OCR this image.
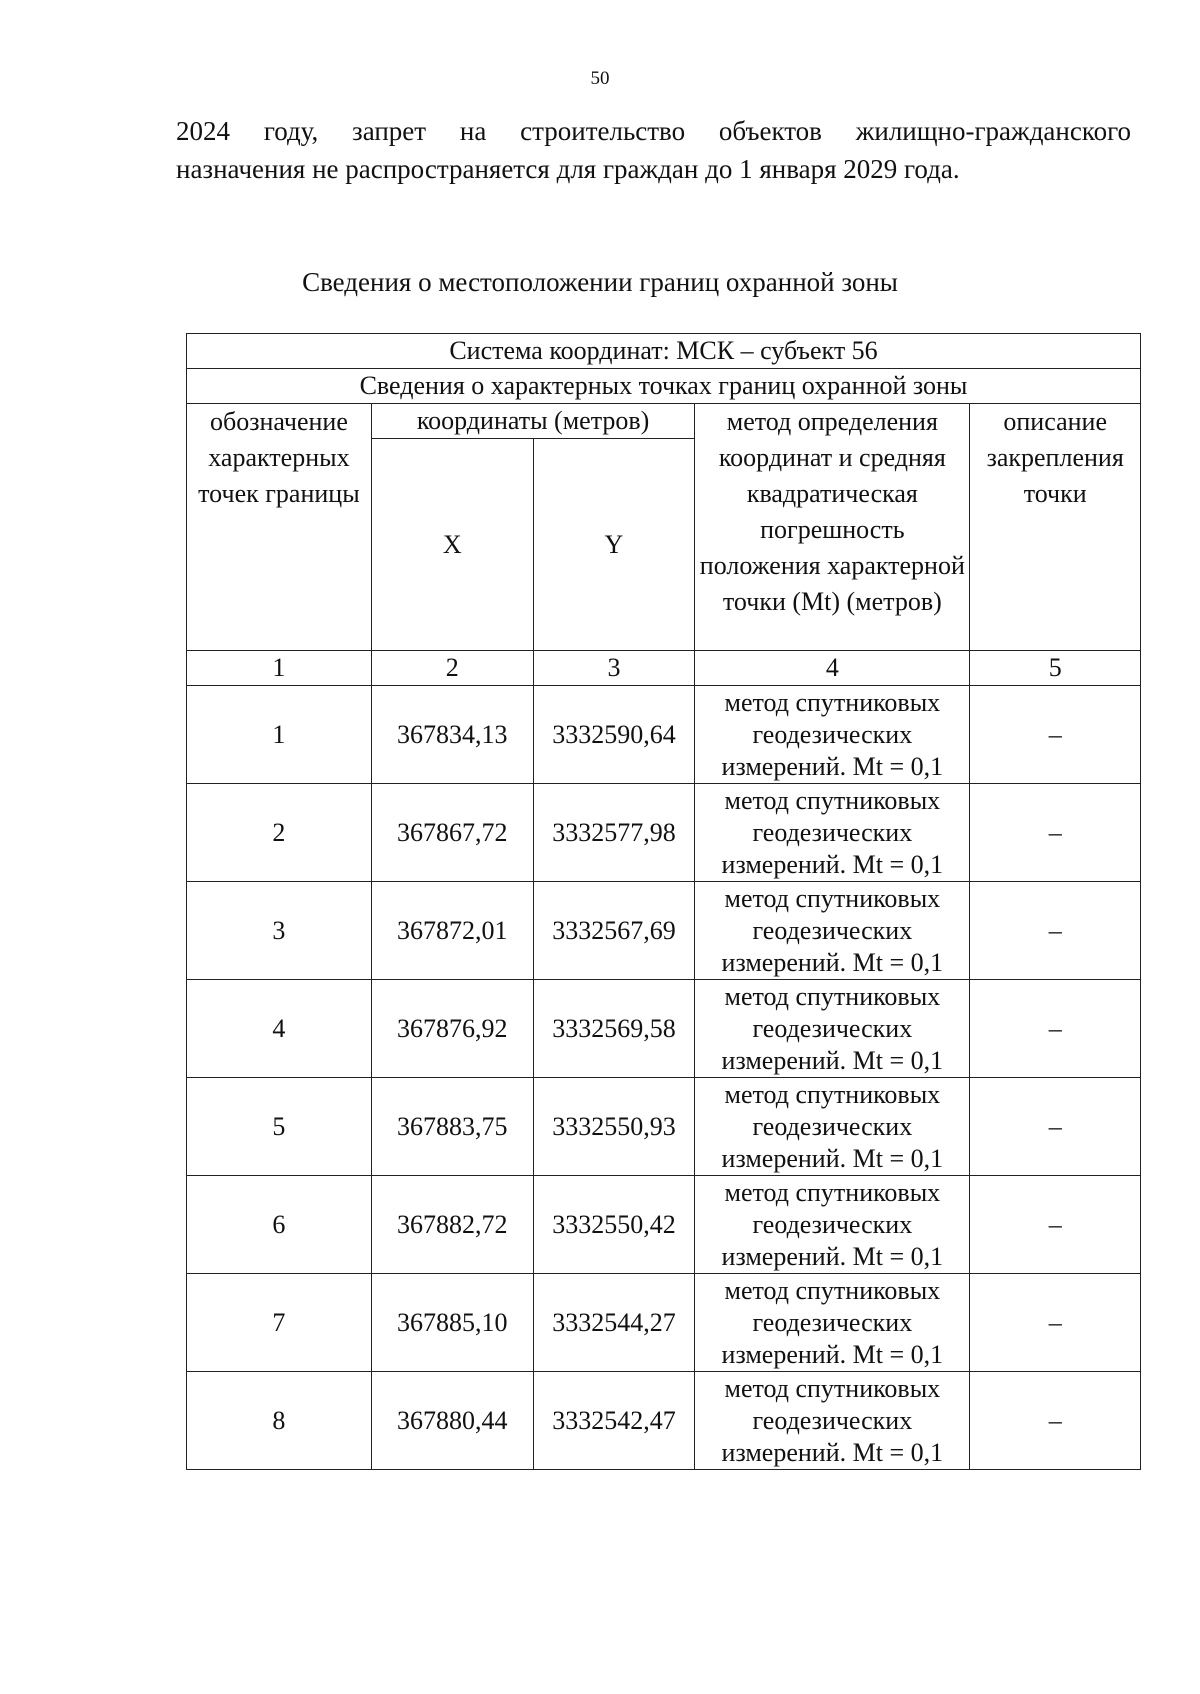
50

2024 году, запрет на строительство объектов жилищно-гражданского
назначения не распространяется для граждан до 1 января 2029 года.

Сведения о местоположении границ охранной зоны
Система координат: МСК – субъект 56				
Сведения о характерных точках границ охранной зоны				
обозначение характерных точек границы	координаты (метров)		метод определения координат и средняя квадратическая погрешность положения характерной точки (Mt) (метров)	описание закрепления точки
	X	Y		
1	2	3	4	5
1	367834,13	3332590,64	метод спутниковых геодезических измерений. Mt = 0,1	–
2	367867,72	3332577,98	метод спутниковых геодезических измерений. Mt = 0,1	–
3	367872,01	3332567,69	метод спутниковых геодезических измерений. Mt = 0,1	–
4	367876,92	3332569,58	метод спутниковых геодезических измерений. Mt = 0,1	–
5	367883,75	3332550,93	метод спутниковых геодезических измерений. Mt = 0,1	–
6	367882,72	3332550,42	метод спутниковых геодезических измерений. Mt = 0,1	–
7	367885,10	3332544,27	метод спутниковых геодезических измерений. Mt = 0,1	–
8	367880,44	3332542,47	метод спутниковых геодезических измерений. Mt = 0,1	–
